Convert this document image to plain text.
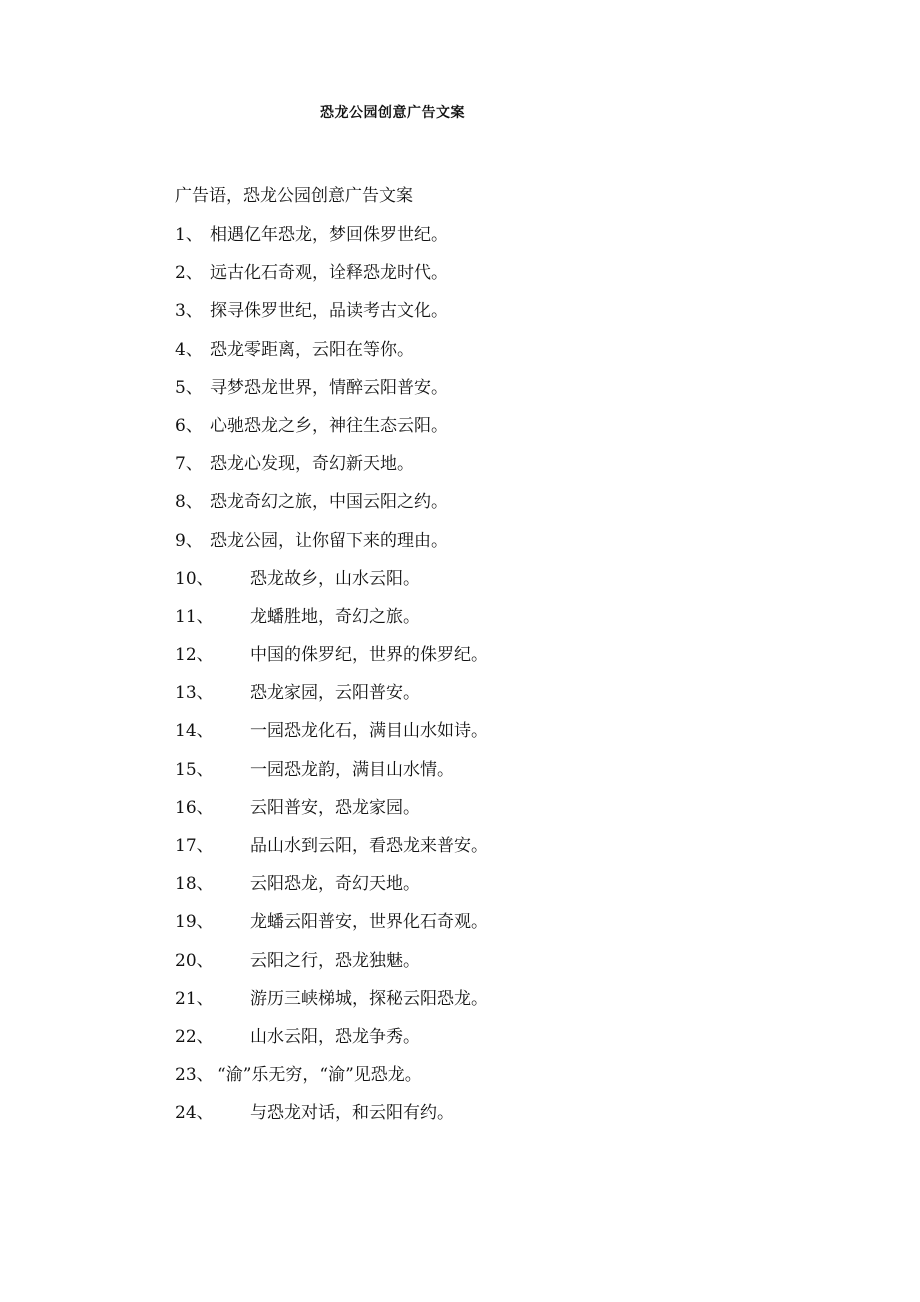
恐龙公园创意广告文案
广告语，恐龙公园创意广告文案
1、 相遇亿年恐龙，梦回侏罗世纪。
2、 远古化石奇观，诠释恐龙时代。
3、 探寻侏罗世纪，品读考古文化。
4、 恐龙零距离，云阳在等你。
5、 寻梦恐龙世界，情醉云阳普安。
6、 心驰恐龙之乡，神往生态云阳。
7、 恐龙心发现，奇幻新天地。
8、 恐龙奇幻之旅，中国云阳之约。
9、 恐龙公园，让你留下来的理由。
10、	恐龙故乡，山水云阳。
11、	龙蟠胜地，奇幻之旅。
12、	中国的侏罗纪，世界的侏罗纪。
13、	恐龙家园，云阳普安。
14、	一园恐龙化石，满目山水如诗。
15、	一园恐龙韵，满目山水情。
16、	云阳普安，恐龙家园。
17、	品山水到云阳，看恐龙来普安。
18、	云阳恐龙，奇幻天地。
19、	龙蟠云阳普安，世界化石奇观。
20、	云阳之行，恐龙独魅。
21、	游历三峡梯城，探秘云阳恐龙。
22、	山水云阳，恐龙争秀。
23、 “渝”乐无穷，“渝”见恐龙。
24、	与恐龙对话，和云阳有约。
